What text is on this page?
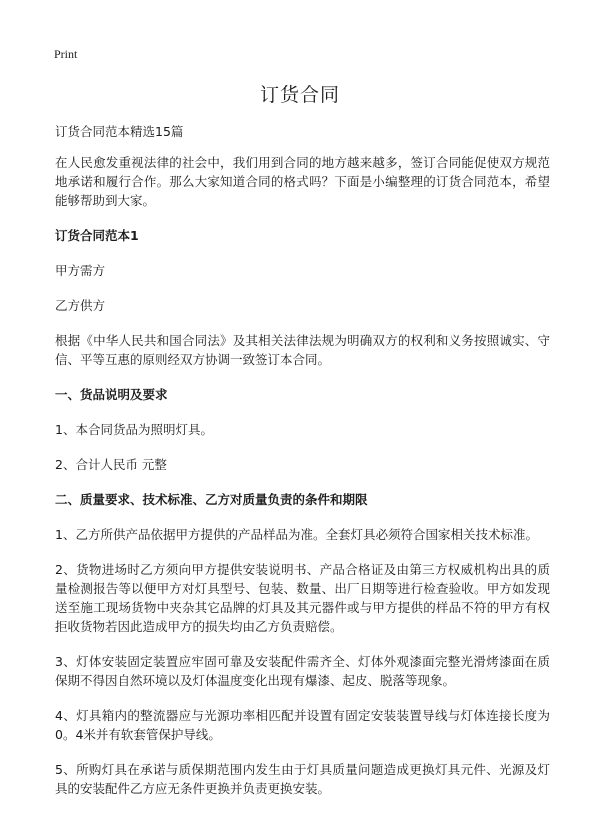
Print
订货合同

订货合同范本精选15篇

在人民愈发重视法律的社会中，我们用到合同的地方越来越多，签订合同能促使双方规范地承诺和履行合作。那么大家知道合同的格式吗？下面是小编整理的订货合同范本，希望能够帮助到大家。

订货合同范本1

甲方需方

乙方供方

根据《中华人民共和国合同法》及其相关法律法规为明确双方的权利和义务按照诚实、守信、平等互惠的原则经双方协调一致签订本合同。

一、货品说明及要求

1、本合同货品为照明灯具。

2、合计人民币 元整

二、质量要求、技术标准、乙方对质量负责的条件和期限

1、乙方所供产品依据甲方提供的产品样品为准。全套灯具必须符合国家相关技术标准。

2、货物进场时乙方须向甲方提供安装说明书、产品合格证及由第三方权威机构出具的质量检测报告等以便甲方对灯具型号、包装、数量、出厂日期等进行检查验收。甲方如发现送至施工现场货物中夹杂其它品牌的灯具及其元器件或与甲方提供的样品不符的甲方有权拒收货物若因此造成甲方的损失均由乙方负责赔偿。

3、灯体安装固定装置应牢固可靠及安装配件需齐全、灯体外观漆面完整光滑烤漆面在质保期不得因自然环境以及灯体温度变化出现有爆漆、起皮、脱落等现象。

4、灯具箱内的整流器应与光源功率相匹配并设置有固定安装装置导线与灯体连接长度为0。4米并有软套管保护导线。

5、所购灯具在承诺与质保期范围内发生由于灯具质量问题造成更换灯具元件、光源及灯具的安装配件乙方应无条件更换并负责更换安装。
